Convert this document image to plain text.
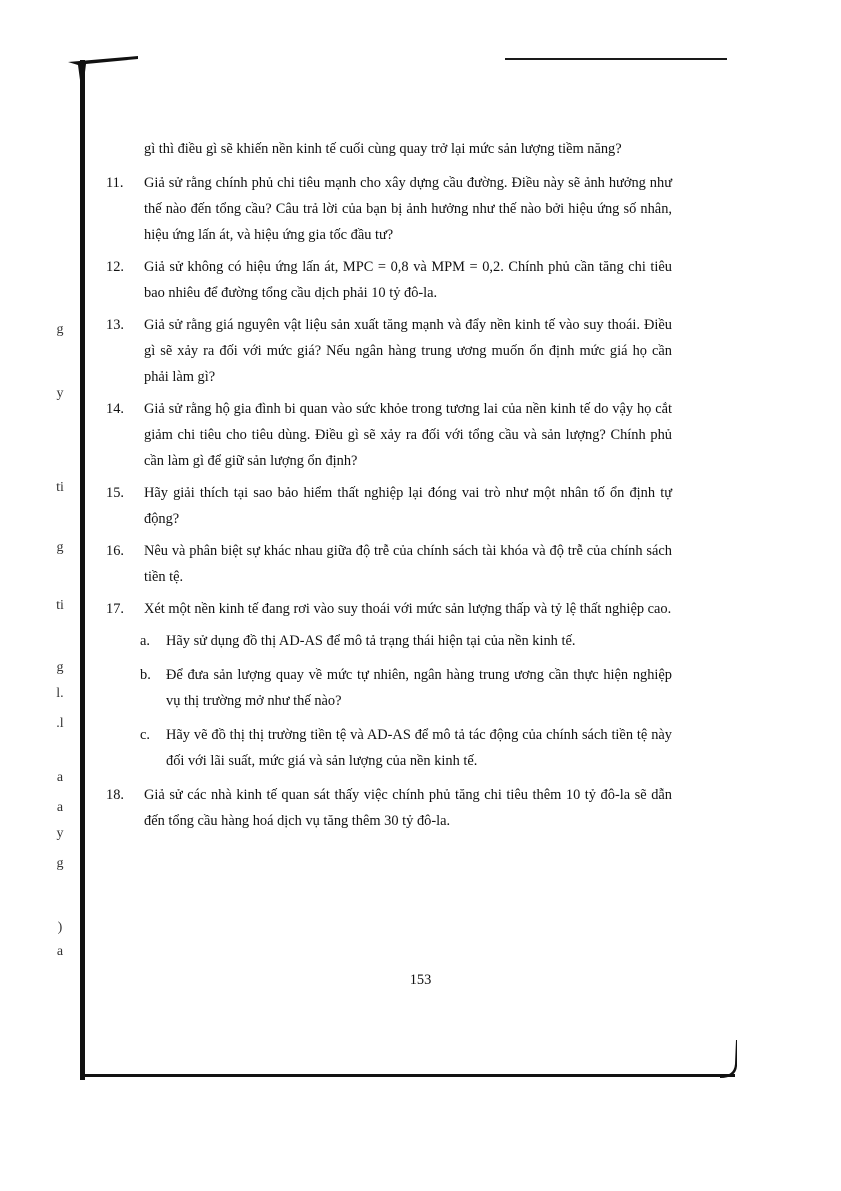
g
y
ti
g
ti
g
l.
.l
a
a
y
g
)
a

gì thì điều gì sẽ khiến nền kinh tế cuối cùng quay trở lại mức sản lượng tiềm năng?

11.	Giả sử rằng chính phủ chi tiêu mạnh cho xây dựng cầu đường. Điều này sẽ ảnh hưởng như thế nào đến tổng cầu? Câu trả lời của bạn bị ảnh hưởng như thế nào bởi hiệu ứng số nhân, hiệu ứng lấn át, và hiệu ứng gia tốc đầu tư?

12.	Giả sử không có hiệu ứng lấn át, MPC = 0,8 và MPM = 0,2. Chính phủ cần tăng chi tiêu bao nhiêu để đường tổng cầu dịch phải 10 tỷ đô-la.

13.	Giả sử rằng giá nguyên vật liệu sản xuất tăng mạnh và đẩy nền kinh tế vào suy thoái. Điều gì sẽ xảy ra đối với mức giá? Nếu ngân hàng trung ương muốn ổn định mức giá họ cần phải làm gì?

14.	Giả sử rằng hộ gia đình bi quan vào sức khỏe trong tương lai của nền kinh tế do vậy họ cắt giảm chi tiêu cho tiêu dùng. Điều gì sẽ xảy ra đối với tổng cầu và sản lượng? Chính phủ cần làm gì để giữ sản lượng ổn định?

15.	Hãy giải thích tại sao bảo hiểm thất nghiệp lại đóng vai trò như một nhân tố ổn định tự động?

16.	Nêu và phân biệt sự khác nhau giữa độ trễ của chính sách tài khóa và độ trễ của chính sách tiền tệ.

17.	Xét một nền kinh tế đang rơi vào suy thoái với mức sản lượng thấp và tỷ lệ thất nghiệp cao.

a. Hãy sử dụng đồ thị AD-AS để mô tả trạng thái hiện tại của nền kinh tế.

b. Để đưa sản lượng quay về mức tự nhiên, ngân hàng trung ương cần thực hiện nghiệp vụ thị trường mở như thế nào?

c. Hãy vẽ đồ thị thị trường tiền tệ và AD-AS để mô tả tác động của chính sách tiền tệ này đối với lãi suất, mức giá và sản lượng của nền kinh tế.

18.	Giả sử các nhà kinh tế quan sát thấy việc chính phủ tăng chi tiêu thêm 10 tỷ đô-la sẽ dẫn đến tổng cầu hàng hoá dịch vụ tăng thêm 30 tỷ đô-la.

153
